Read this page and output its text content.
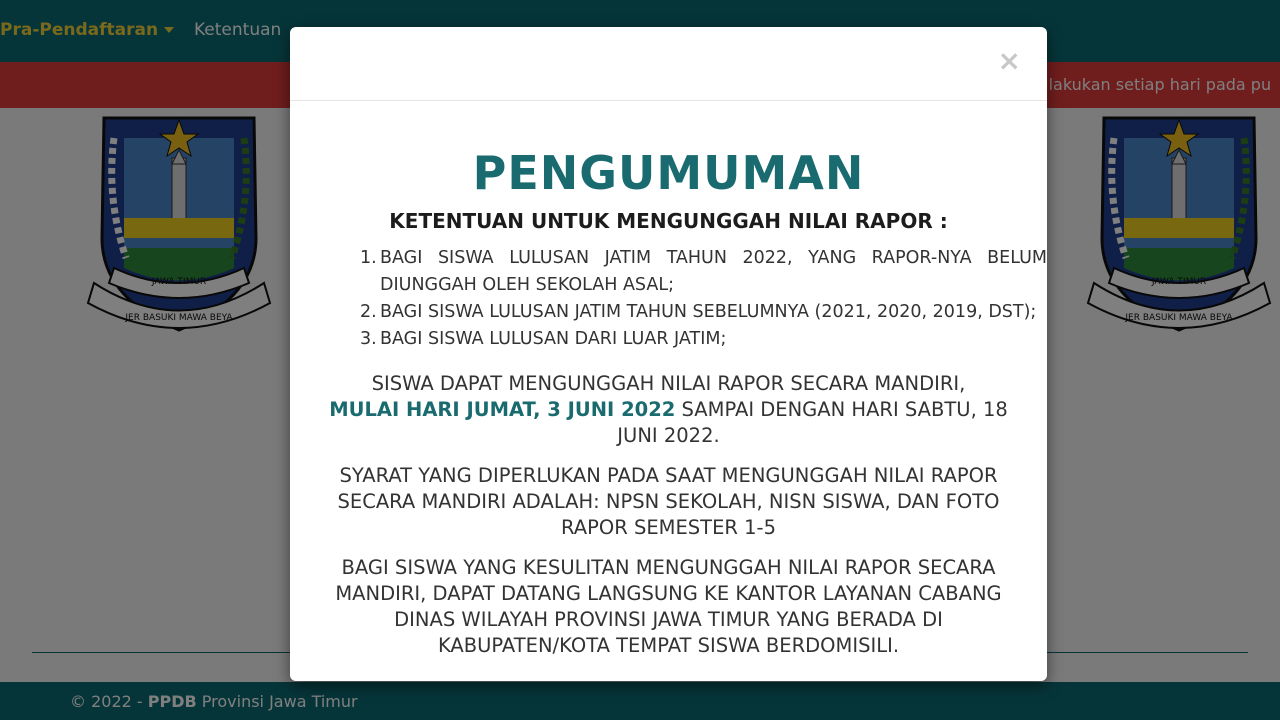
×
PENGUMUMAN
KETENTUAN UNTUK MENGUNGGAH NILAI RAPOR :
1. BAGI SISWA LULUSAN JATIM TAHUN 2022, YANG RAPOR-NYA BELUM DIUNGGAH OLEH SEKOLAH ASAL;
2. BAGI SISWA LULUSAN JATIM TAHUN SEBELUMNYA (2021, 2020, 2019, DST);
3. BAGI SISWA LULUSAN DARI LUAR JATIM;
SISWA DAPAT MENGUNGGAH NILAI RAPOR SECARA MANDIRI,
MULAI HARI JUMAT, 3 JUNI 2022 SAMPAI DENGAN HARI SABTU, 18 JUNI 2022.
SYARAT YANG DIPERLUKAN PADA SAAT MENGUNGGAH NILAI RAPOR SECARA MANDIRI ADALAH: NPSN SEKOLAH, NISN SISWA, DAN FOTO RAPOR SEMESTER 1-5
BAGI SISWA YANG KESULITAN MENGUNGGAH NILAI RAPOR SECARA MANDIRI, DAPAT DATANG LANGSUNG KE KANTOR LAYANAN CABANG DINAS WILAYAH PROVINSI JAWA TIMUR YANG BERADA DI KABUPATEN/KOTA TEMPAT SISWA BERDOMISILI.
